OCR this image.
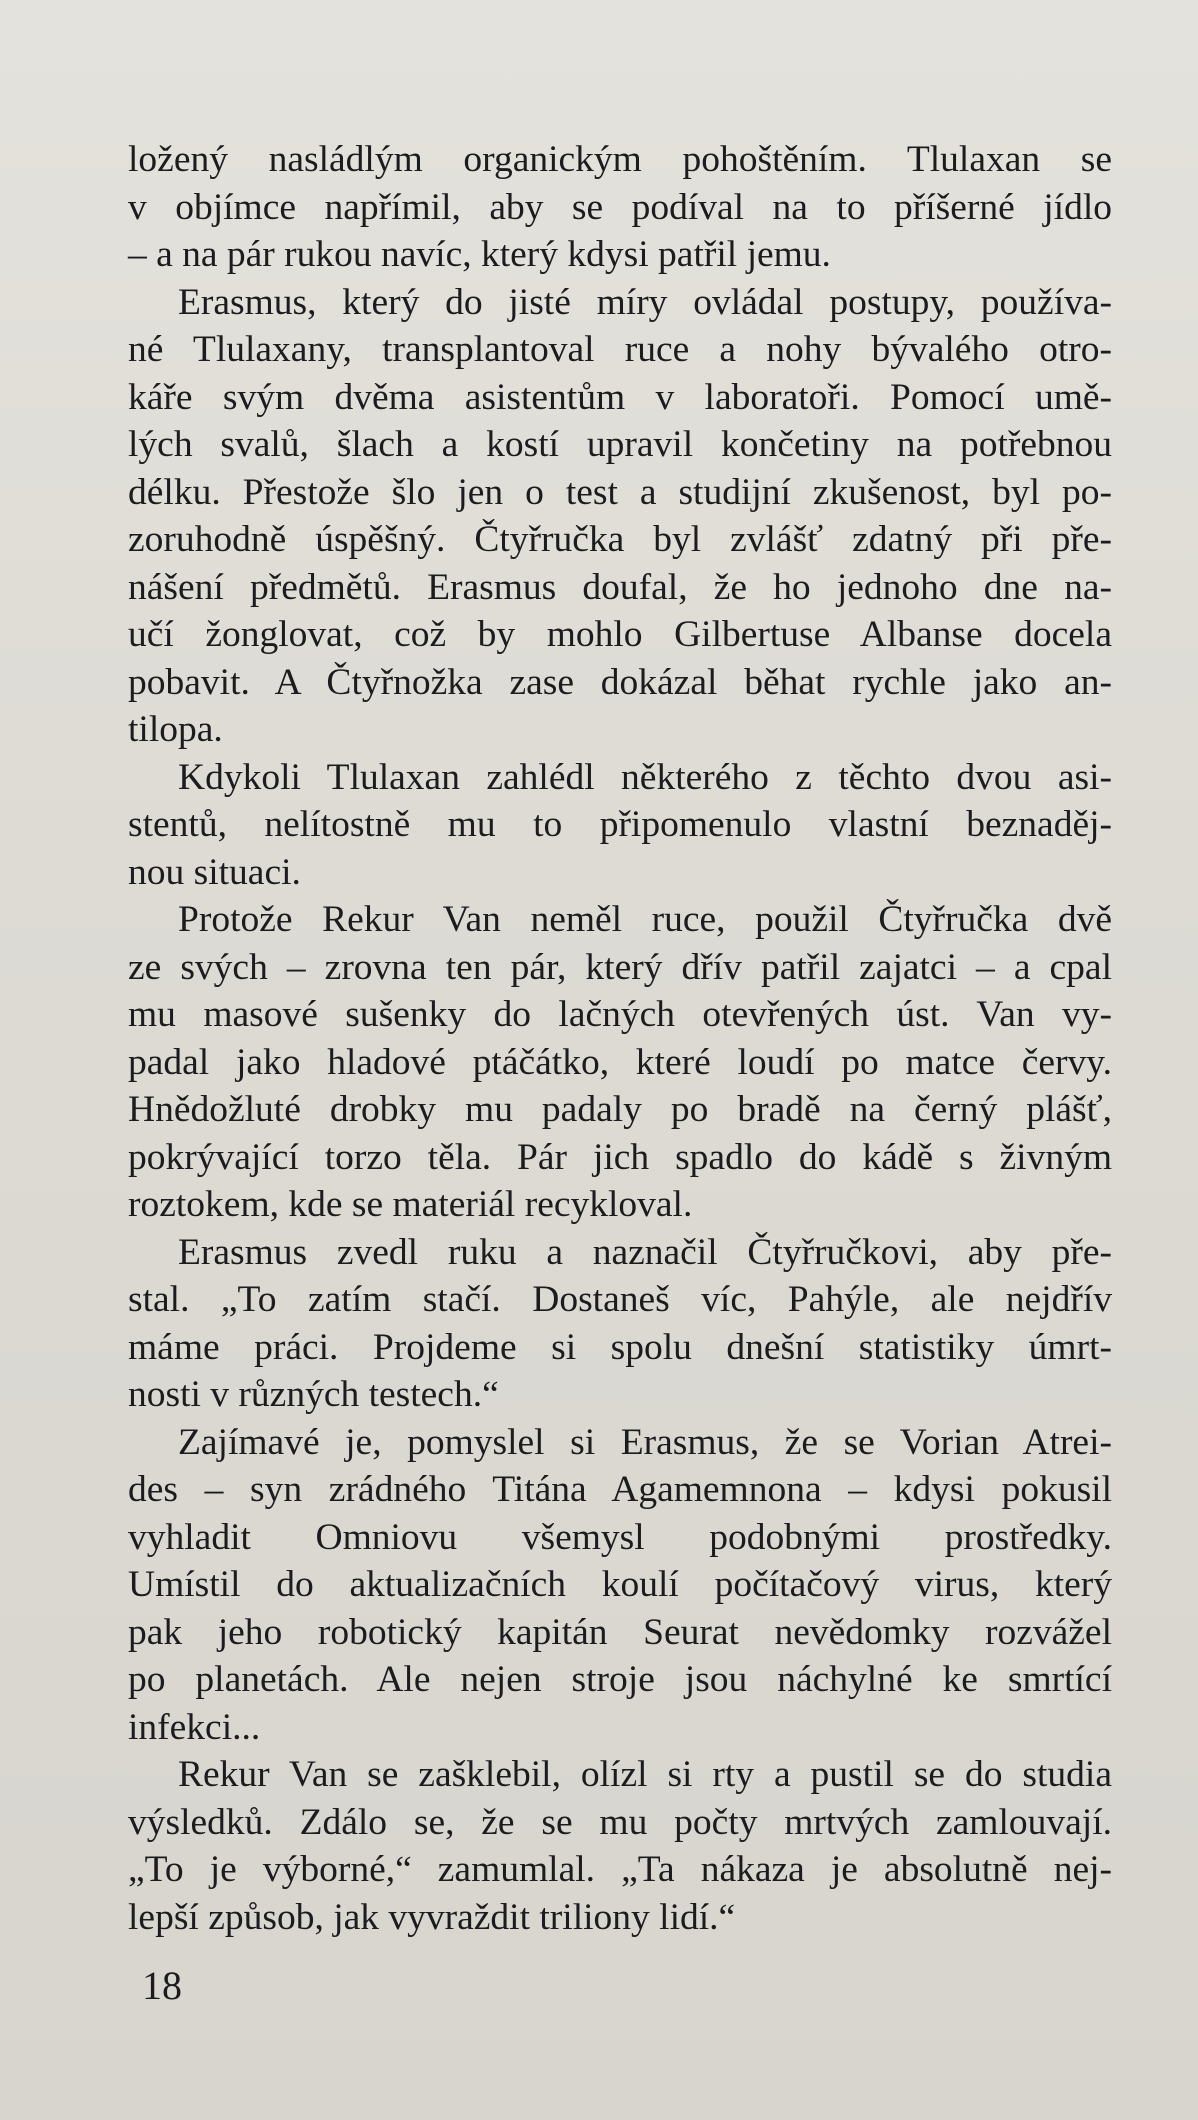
ložený nasládlým organickým pohoštěním. Tlulaxan se
v objímce napřímil, aby se podíval na to příšerné jídlo
– a na pár rukou navíc, který kdysi patřil jemu.
Erasmus, který do jisté míry ovládal postupy, používa-
né Tlulaxany, transplantoval ruce a nohy bývalého otro-
káře svým dvěma asistentům v laboratoři. Pomocí umě-
lých svalů, šlach a kostí upravil končetiny na potřebnou
délku. Přestože šlo jen o test a studijní zkušenost, byl po-
zoruhodně úspěšný. Čtyřručka byl zvlášť zdatný při pře-
nášení předmětů. Erasmus doufal, že ho jednoho dne na-
učí žonglovat, což by mohlo Gilbertuse Albanse docela
pobavit. A Čtyřnožka zase dokázal běhat rychle jako an-
tilopa.
Kdykoli Tlulaxan zahlédl některého z těchto dvou asi-
stentů, nelítostně mu to připomenulo vlastní beznaděj-
nou situaci.
Protože Rekur Van neměl ruce, použil Čtyřručka dvě
ze svých – zrovna ten pár, který dřív patřil zajatci – a cpal
mu masové sušenky do lačných otevřených úst. Van vy-
padal jako hladové ptáčátko, které loudí po matce červy.
Hnědožluté drobky mu padaly po bradě na černý plášť,
pokrývající torzo těla. Pár jich spadlo do kádě s živným
roztokem, kde se materiál recykloval.
Erasmus zvedl ruku a naznačil Čtyřručkovi, aby pře-
stal. „To zatím stačí. Dostaneš víc, Pahýle, ale nejdřív
máme práci. Projdeme si spolu dnešní statistiky úmrt-
nosti v různých testech.“
Zajímavé je, pomyslel si Erasmus, že se Vorian Atrei-
des – syn zrádného Titána Agamemnona – kdysi pokusil
vyhladit Omniovu všemysl podobnými prostředky.
Umístil do aktualizačních koulí počítačový virus, který
pak jeho robotický kapitán Seurat nevědomky rozvážel
po planetách. Ale nejen stroje jsou náchylné ke smrtící
infekci...
Rekur Van se zašklebil, olízl si rty a pustil se do studia
výsledků. Zdálo se, že se mu počty mrtvých zamlouvají.
„To je výborné,“ zamumlal. „Ta nákaza je absolutně nej-
lepší způsob, jak vyvraždit triliony lidí.“
18
